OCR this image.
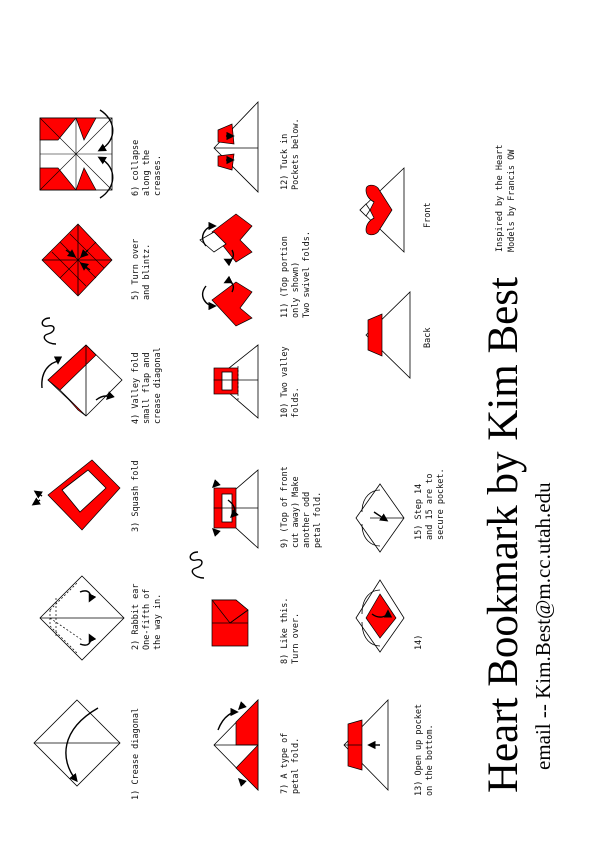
1) Crease diagonal
2) Rabbit ear One-fifth of the way in.
3) Squash fold
4) Valley fold small flap and crease diagonal
5) Turn over and blintz.
6) collapse along the creases.
7) A type of petal fold.
8) Like this. Turn over.
9) (Top of front cut away) Make another odd petal fold.
10) Two valley folds.
11) (Top portion only shown) Two swivel folds.
12) Tuck in Pockets below.
13) Open up pocket on the bottom.
14)
15) Step 14 and 15 are to secure pocket.
Back
Front	Inspired by the Heart Models by Francis OW
Heart Bookmark by Kim Best email -- Kim.Best@m.cc.utah.edu
